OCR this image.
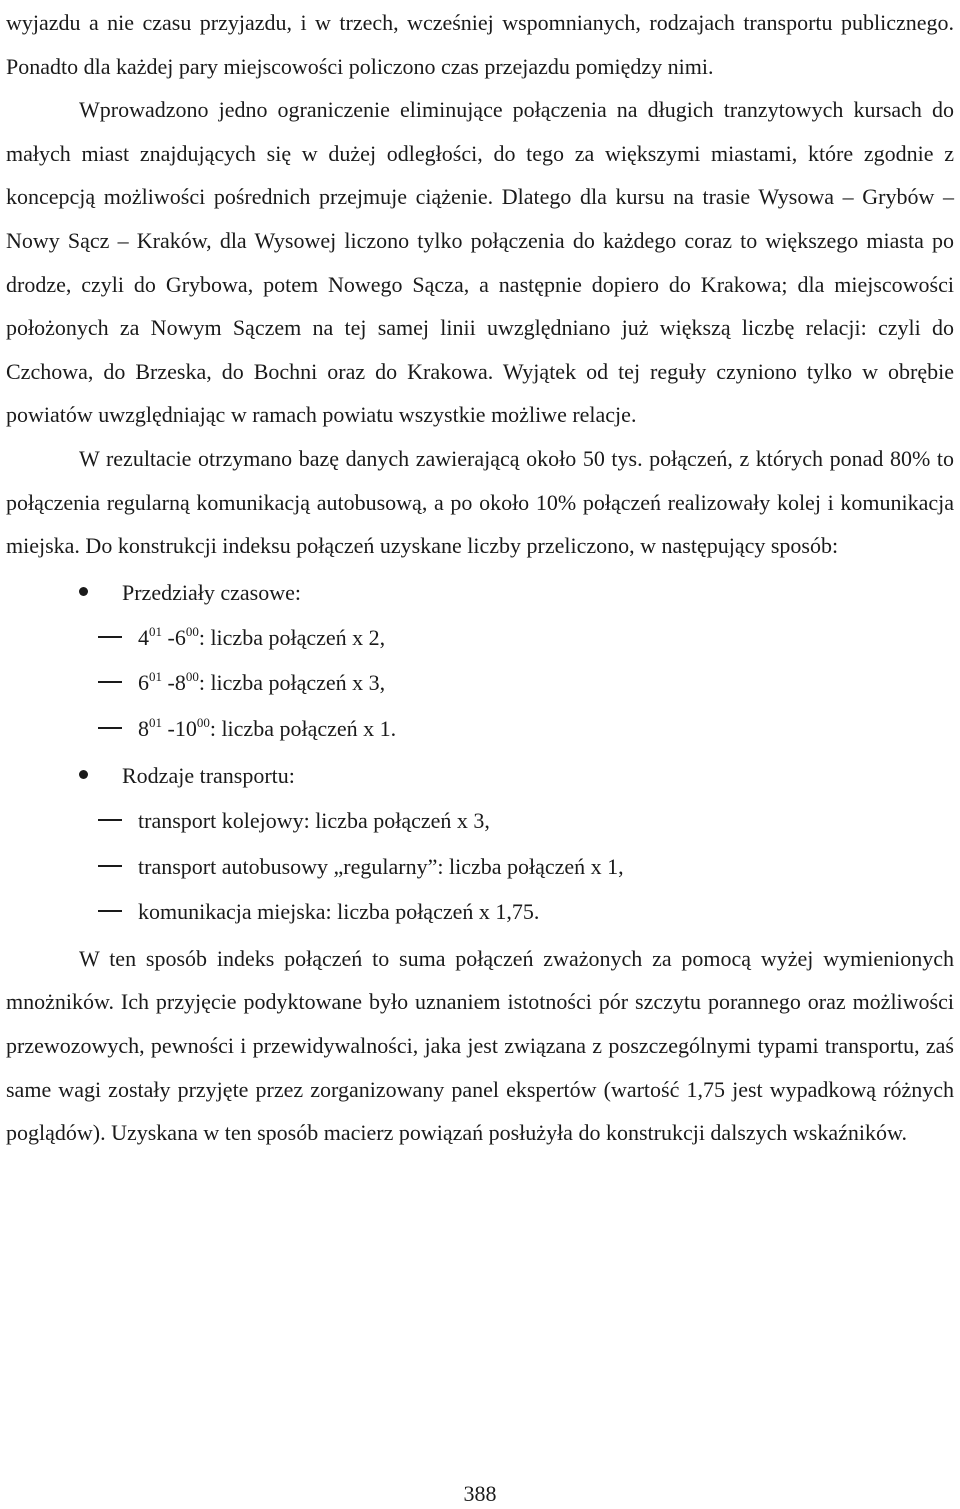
wyjazdu a nie czasu przyjazdu, i w trzech, wcześniej wspomnianych, rodzajach transportu publicznego. Ponadto dla każdej pary miejscowości policzono czas przejazdu pomiędzy nimi.

Wprowadzono jedno ograniczenie eliminujące połączenia na długich tranzytowych kursach do małych miast znajdujących się w dużej odległości, do tego za większymi miastami, które zgodnie z koncepcją możliwości pośrednich przejmuje ciążenie. Dlatego dla kursu na trasie Wysowa – Grybów – Nowy Sącz – Kraków, dla Wysowej liczono tylko połączenia do każdego coraz to większego miasta po drodze, czyli do Grybowa, potem Nowego Sącza, a następnie dopiero do Krakowa; dla miejscowości położonych za Nowym Sączem na tej samej linii uwzględniano już większą liczbę relacji: czyli do Czchowa, do Brzeska, do Bochni oraz do Krakowa. Wyjątek od tej reguły czyniono tylko w obrębie powiatów uwzględniając w ramach powiatu wszystkie możliwe relacje.

W rezultacie otrzymano bazę danych zawierającą około 50 tys. połączeń, z których ponad 80% to połączenia regularną komunikacją autobusową, a po około 10% połączeń realizowały kolej i komunikacja miejska. Do konstrukcji indeksu połączeń uzyskane liczby przeliczono, w następujący sposób:

Przedziały czasowe:
$4^{01}$ $-6^{00}$: liczba połączeń x 2,
$6^{01}$ $-8^{00}$: liczba połączeń x 3,
$8^{01}$ $-10^{00}$: liczba połączeń x 1.
Rodzaje transportu:
transport kolejowy: liczba połączeń x 3,
transport autobusowy „regularny”: liczba połączeń x 1,
komunikacja miejska: liczba połączeń x 1,75.

W ten sposób indeks połączeń to suma połączeń zważonych za pomocą wyżej wymienionych mnożników. Ich przyjęcie podyktowane było uznaniem istotności pór szczytu porannego oraz możliwości przewozowych, pewności i przewidywalności, jaka jest związana z poszczególnymi typami transportu, zaś same wagi zostały przyjęte przez zorganizowany panel ekspertów (wartość 1,75 jest wypadkową różnych poglądów). Uzyskana w ten sposób macierz powiązań posłużyła do konstrukcji dalszych wskaźników.

388
